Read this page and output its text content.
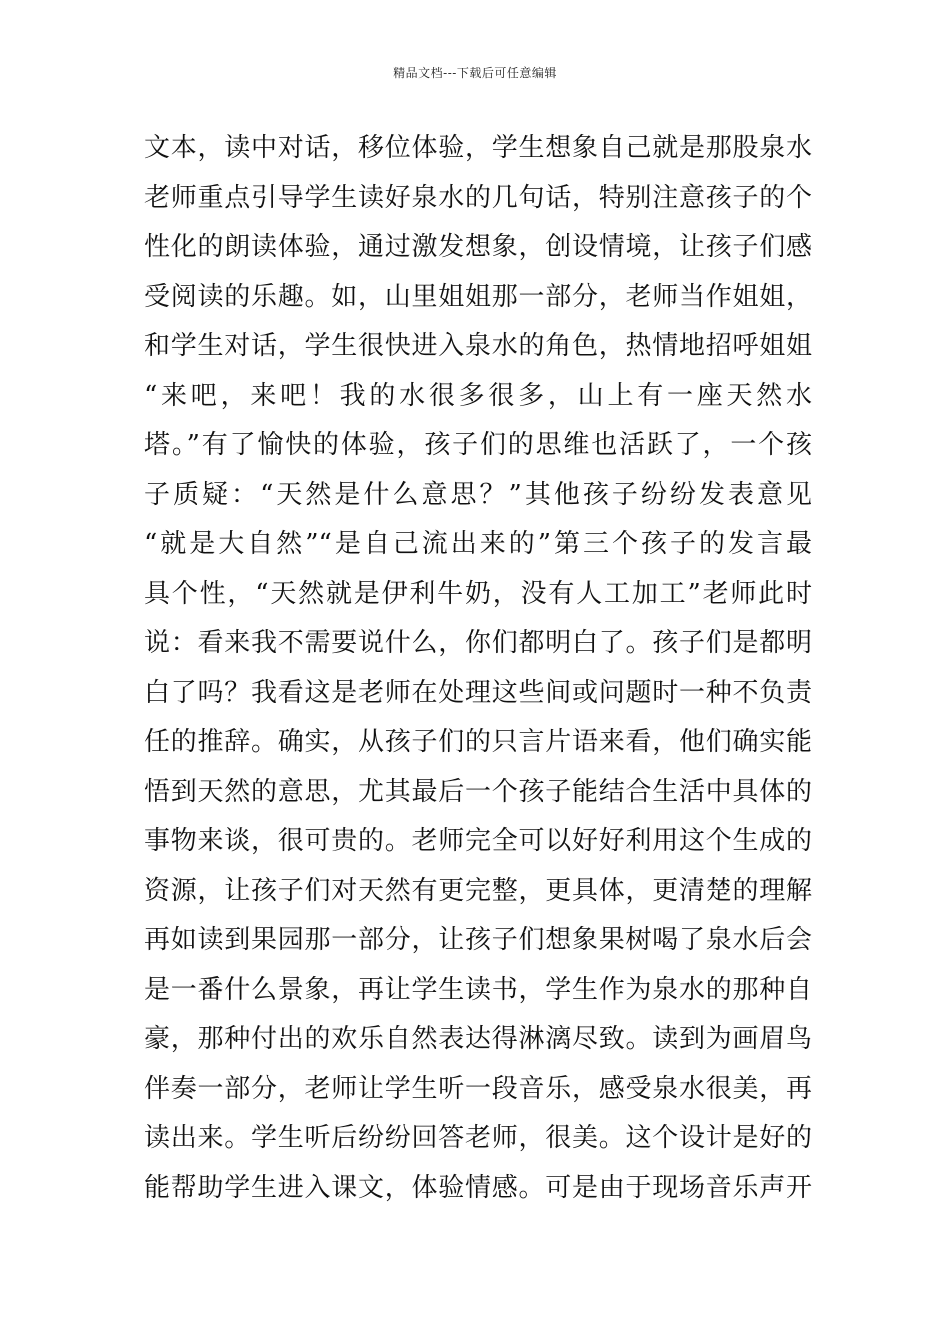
精品文档---下载后可任意编辑
文本，读中对话，移位体验，学生想象自己就是那股泉水
老师重点引导学生读好泉水的几句话，特别注意孩子的个
性化的朗读体验，通过激发想象，创设情境，让孩子们感
受阅读的乐趣。如，山里姐姐那一部分，老师当作姐姐，
和学生对话，学生很快进入泉水的角色，热情地招呼姐姐
“来吧，来吧！我的水很多很多，山上有一座天然水
塔。”有了愉快的体验，孩子们的思维也活跃了，一个孩
子质疑：“天然是什么意思？”其他孩子纷纷发表意见
“就是大自然”“是自己流出来的”第三个孩子的发言最
具个性，“天然就是伊利牛奶，没有人工加工”老师此时
说：看来我不需要说什么，你们都明白了。孩子们是都明
白了吗？我看这是老师在处理这些间或问题时一种不负责
任的推辞。确实，从孩子们的只言片语来看，他们确实能
悟到天然的意思，尤其最后一个孩子能结合生活中具体的
事物来谈，很可贵的。老师完全可以好好利用这个生成的
资源，让孩子们对天然有更完整，更具体，更清楚的理解
再如读到果园那一部分，让孩子们想象果树喝了泉水后会
是一番什么景象，再让学生读书，学生作为泉水的那种自
豪，那种付出的欢乐自然表达得淋漓尽致。读到为画眉鸟
伴奏一部分，老师让学生听一段音乐，感受泉水很美，再
读出来。学生听后纷纷回答老师，很美。这个设计是好的
能帮助学生进入课文，体验情感。可是由于现场音乐声开
